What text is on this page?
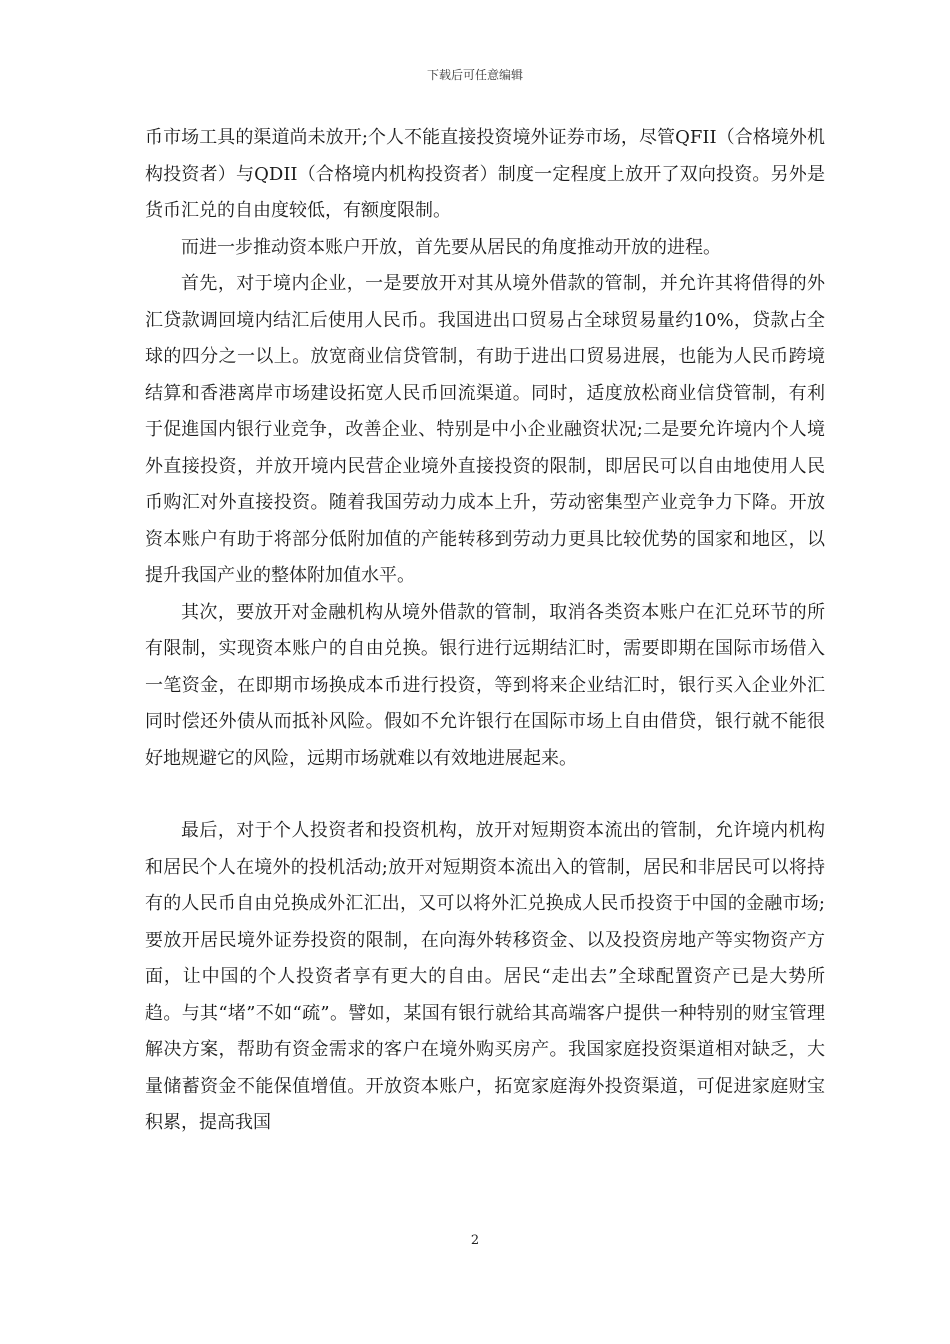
下载后可任意编辑

币市场工具的渠道尚未放开;个人不能直接投资境外证券市场，尽管QFII（合格境外机构投资者）与QDII（合格境内机构投资者）制度一定程度上放开了双向投资。另外是货币汇兑的自由度较低，有额度限制。

而进一步推动资本账户开放，首先要从居民的角度推动开放的进程。

首先，对于境内企业，一是要放开对其从境外借款的管制，并允许其将借得的外汇贷款调回境内结汇后使用人民币。我国进出口贸易占全球贸易量约10%，贷款占全球的四分之一以上。放宽商业信贷管制，有助于进出口贸易进展，也能为人民币跨境结算和香港离岸市场建设拓宽人民币回流渠道。同时，适度放松商业信贷管制，有利于促進国内银行业竞争，改善企业、特别是中小企业融资状况;二是要允许境内个人境外直接投资，并放开境内民营企业境外直接投资的限制，即居民可以自由地使用人民币购汇对外直接投资。随着我国劳动力成本上升，劳动密集型产业竞争力下降。开放资本账户有助于将部分低附加值的产能转移到劳动力更具比较优势的国家和地区，以提升我国产业的整体附加值水平。

其次，要放开对金融机构从境外借款的管制，取消各类资本账户在汇兑环节的所有限制，实现资本账户的自由兑换。银行进行远期结汇时，需要即期在国际市场借入一笔资金，在即期市场换成本币进行投资，等到将来企业结汇时，银行买入企业外汇同时偿还外债从而抵补风险。假如不允许银行在国际市场上自由借贷，银行就不能很好地规避它的风险，远期市场就难以有效地进展起来。

最后，对于个人投资者和投资机构，放开对短期资本流出的管制，允许境内机构和居民个人在境外的投机活动;放开对短期资本流出入的管制，居民和非居民可以将持有的人民币自由兑换成外汇汇出，又可以将外汇兑换成人民币投资于中国的金融市场;要放开居民境外证券投资的限制，在向海外转移资金、以及投资房地产等实物资产方面，让中国的个人投资者享有更大的自由。居民“走出去”全球配置资产已是大势所趋。与其“堵”不如“疏”。譬如，某国有银行就给其高端客户提供一种特别的财宝管理解决方案，帮助有资金需求的客户在境外购买房产。我国家庭投资渠道相对缺乏，大量储蓄资金不能保值增值。开放资本账户，拓宽家庭海外投资渠道，可促进家庭财宝积累，提高我国

2
